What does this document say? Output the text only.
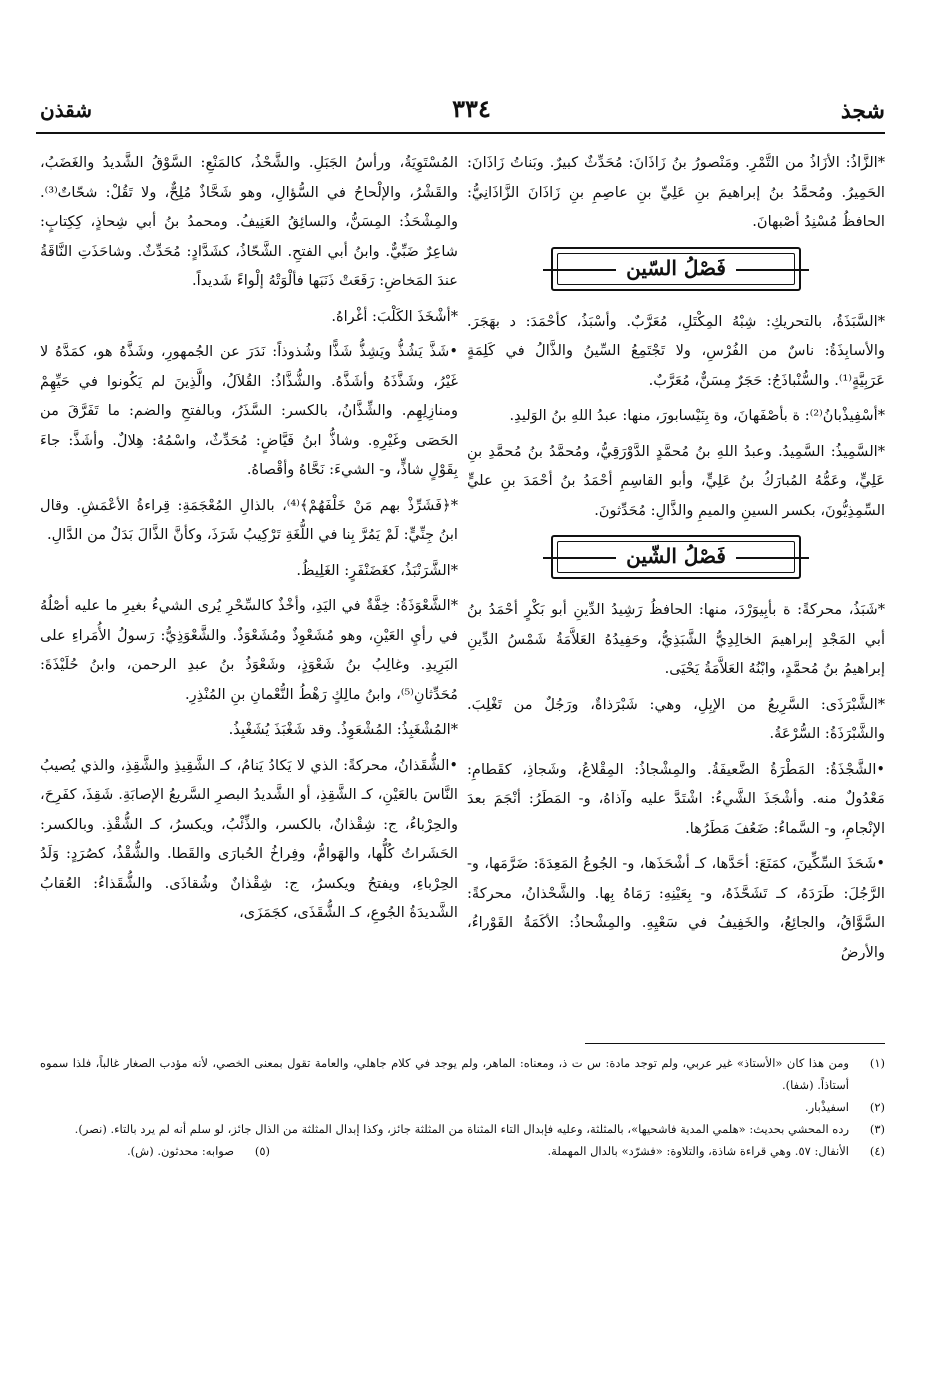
شجذ
٣٣٤
شقذن

*الزَّاذُ: الأزَاذُ من التَّمْرِ. ومَنْصورُ بنُ زَاذَانَ: مُحَدِّثٌ كبيرٌ. وبَناتُ زَاذَانَ: الحَمِيرُ. ومُحمَّدُ بنُ إبراهيمَ بنِ عَلِيِّ بنِ عاصِمِ بنِ زَاذَانَ الزَّاذَانِيُّ: الحافظُ مُسْنِدُ أصْبهانَ.

فَصْلُ السّين

*السَّبَذَةُ، بالتحريكِ: شِبْهُ المِكْتَلِ، مُعَرَّبٌ. وأسْبَذُ، كأحْمَدَ: د بهَجَرَ. والأسابِذَةُ: ناسٌ من الفُرْسِ، ولا تَجْتَمِعُ السِّينُ والذَّالُ في كَلِمَةٍ عَرَبِيَّةٍ⁽¹⁾. والسُّنْباذَجُ: حَجَرٌ مِسَنٌّ، مُعَرَّبٌ.

*أسْفِيذْبانُ⁽²⁾: ة بأصْفَهانَ، وة بِنَيْسابورَ، منها: عبدُ اللهِ بنُ الوَليدِ.

*السَّمِيذُ: السَّمِيدُ. وعبدُ اللهِ بنُ مُحمَّدٍ الدَّوْرَقِيُّ، ومُحمَّدُ بنُ مُحمَّدِ بنِ عَلِيٍّ، وعَمُّهُ المُبارَكُ بنُ عَلِيٍّ، وأبو القاسِمِ أحْمَدُ بنُ أحْمَدَ بنِ عليٍّ السِّمِذِيُّونَ، بكسر السينِ والميمِ والذَّالِ: مُحَدِّثونَ.

فَصْلُ الشّين

*شَبَذُ، محركةً: ة بأبِيوَرْدَ، منها: الحافظُ رَشِيدُ الدِّينِ أبو بَكْرٍ أحْمَدُ بنُ أبي المَجْدِ إبراهيمَ الخالِدِيُّ الشَّبَذِيُّ، وحَفِيدُهُ العَلاَّمَةُ شَمْسُ الدِّينِ إبراهيمُ بنُ مُحمَّدٍ، وابْنُهُ العَلاَّمَةُ يَحْيَى.

*الشَّبْرَذَى: السَّرِيعُ من الإبِلِ، وهي: شَبْرَذاةٌ، ورَجُلٌ من تَغْلِبَ. والشَّبْرَذَةُ: السُّرْعَةُ.

•الشَّجْذَةُ: المَطْرَةُ الضَّعيفَةُ. والمِشْجاذُ: المِقْلاعُ، وشَجاذِ، كقَطامِ: مَعْدُولٌ منه. وأشْجَذَ الشَّيءُ: اشْتَدَّ عليه وآذاهُ، و- المَطَرُ: أنْجَمَ بعدَ الإنْجامِ، و- السَّماءُ: ضَعُفَ مَطَرُها.

•شَحَذَ السِّكِّينَ، كمَنَعَ: أحَدَّها، كـ أشْحَذَها، و- الجُوعُ المَعِدَةَ: ضَرَّمَها، و- الرَّجُلَ: طَرَدَهُ، كـ تَشَحَّذَهُ، و- بِعَيْنِهِ: رَمَاهُ بِها. والشَّحْذانُ، محركةً: السَّوَّاقُ، والجائِعُ، والخَفِيفُ في سَعْيِهِ. والمِشْحاذُ: الأكَمَةُ القَوْراءُ، والأرضُ

المُسْتَوِيَةُ، ورأسُ الجَبَلِ. والشَّحْذُ، كالمَنْعِ: السَّوْقُ الشَّديدُ والغَضَبُ، والقَشْرُ، والإلْحاحُ في السُّؤالِ، وهو شَحَّاذٌ مُلِحٌّ، ولا تَقُلْ: شحّاتٌ⁽³⁾. والمِشْحَذُ: المِسَنُّ، والسائِقُ العَنِيفُ. ومحمدُ بنُ أبي شِحاذٍ، كِكِتابٍ: شاعِرٌ ضَبِّيٌّ. وابنُ أبي الفتحِ. الشَّحّاذُ، كشَدَّادٍ: مُحَدِّثٌ. وشاحَذَتِ النَّاقَةُ عندَ المَخاضِ: رَفَعَتْ ذَنَبَها فألْوَتْهُ إلْواءً شَديداً.

*أشْخَذَ الكَلْبَ: أغْراهُ.

•شَذَّ يَشُذُّ ويَشِذُّ شَذًّا وشُذوذاً: نَدَرَ عن الجُمهورِ، وشَذَّهُ هو، كمَدَّهُ لا غَيْرُ، وشَذَّذَهُ وأشَذَّهُ. والشُّذَّاذُ: القُلاَلُ، والَّذِينَ لم يَكُونوا في حَيِّهِمْ ومنازِلِهِم. والشِّذَّانُ، بالكسر: السَّذَرُ، وبالفتحِ والضم: ما تَفَرَّقَ من الحَصَى وغَيْرِهِ. وشاذُّ ابنُ فَيَّاضٍ: مُحَدِّثٌ، واسْمُهُ: هِلالٌ. وأشَذَّ: جاءَ بِقَوْلٍ شاذٍّ، و- الشيءَ: نَحَّاهُ وأقْصاهُ.

*﴿فَشَرِّذْ بهم مَنْ خَلْفَهُمْ﴾⁽⁴⁾، بالذالِ المُعْجَمَةِ: قِراءةُ الأعْمَشِ. وقال ابنُ جِنِّيٍّ: لَمْ يَمُرَّ بِنا في اللُّغَةِ تَرْكِيبُ شَرَذَ، وكأنَّ الذَّالَ بَدَلٌ من الدَّالِ.

*الشَّرَنْبَذُ، كغَضَنْفَرٍ: الغَلِيظُ.

*الشَّعْوَذَةُ: خِفَّةٌ في اليَدِ، وأخْذٌ كالسِّحْرِ يُرى الشيءُ بغيرِ ما عليه أصْلُهُ في رأيِ العَيْنِ، وهو مُشَعْوِذٌ ومُشَعْوَذٌ. والشَّعْوَذِيُّ: رَسولُ الأُمَراءِ على البَرِيدِ. وغالِبُ بنُ شَعْوَذٍ، وشَعْوَذُ بنُ عبدِ الرحمن، وابنُ حُلَيْذَةَ: مُحَدِّثانِ⁽⁵⁾، وابنُ مالِكٍ رَهْطُ النُّعْمانِ بنِ المُنْذِرِ.

*المُشْغَبِذُ: المُشْعَوِذُ. وقد شَغْبَذَ يُشَغْبِذُ.

•الشُّقَذانُ، محركةً: الذي لا يَكادُ يَنامُ، كـ الشَّقِيذِ والشَّقِذِ، والذي يُصيبُ النَّاسَ بالعَيْنِ، كـ الشَّقِذِ، أو الشَّديدُ البصرِ السَّريعُ الإصابَةِ. شَقِذَ، كفَرِحَ، والحِرْباءُ، ج: شِقْذانٌ، بالكسر، والذِّئْبُ، ويكسرُ، كـ الشُّقْذِ. وبالكسر: الحَشَراتُ كُلُّها، والهَوامُّ، وفِراخُ الحُبارَى والقَطا. والشُّقْذُ، كصُرَدٍ: وَلَدُ الحِرْباءِ، ويفتحُ ويكسرُ، ج: شِقْذانٌ وشُقاذَى. والشُّقَذاءُ: العُقابُ الشَّديدَةُ الجُوعِ، كـ الشُّقَذَى، كجَمَزَى،

(١)
ومن هذا كان «الأستاذ» غير عربي، ولم توجد مادة: س ت ذ، ومعناه: الماهر، ولم يوجد في كلام جاهلي، والعامة تقول بمعنى الخصي، لأنه مؤدب الصغار غالباً، فلذا سموه أستاذاً. (شفا).
(٢)
اسفيذْبار.
(٣)
رده المحشي بحديث: «هلمي المدية فاشحيها»، بالمثلثة، وعليه فإبدال التاء المثناة من المثلثة جائز، وكذا إبدال المثلثة من الذال جائز، لو سلم أنه لم يرد بالتاء. (نصر).
(٤)
الأنفال: ٥٧. وهي قراءة شاذة، والتلاوة: «فشرّد» بالدال المهملة.
(٥)
صوابه: محدثون. (ش).
